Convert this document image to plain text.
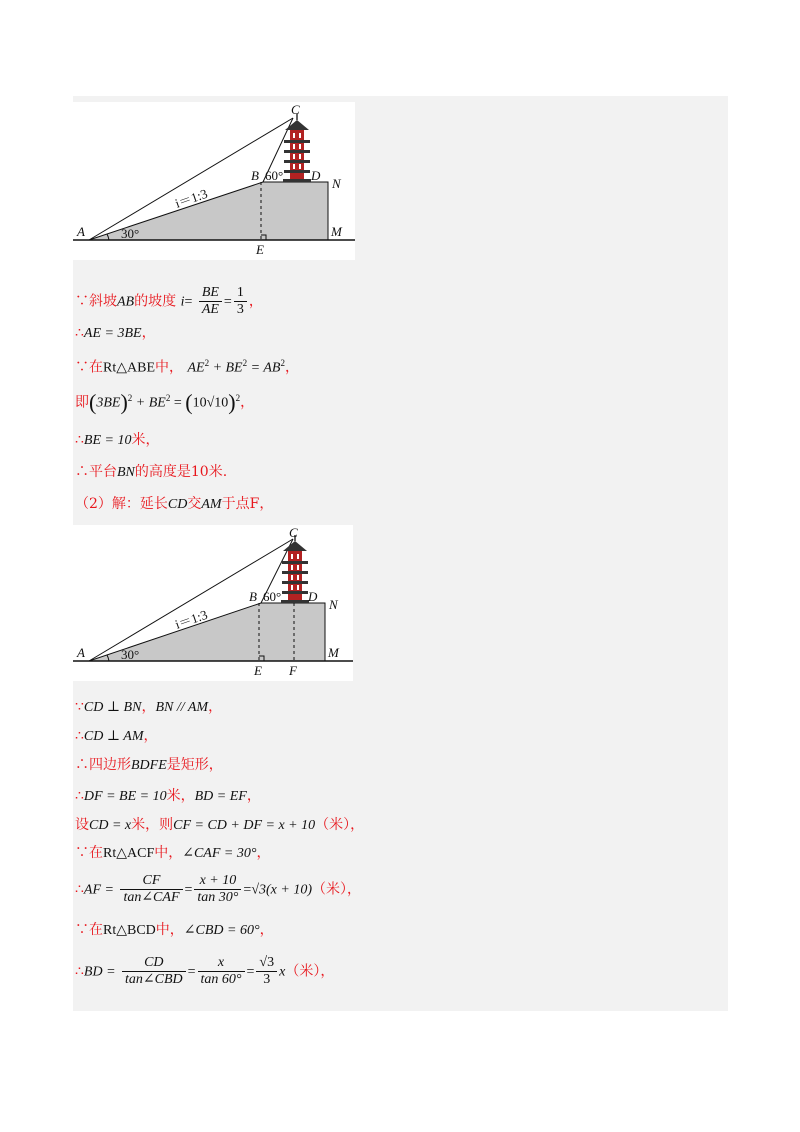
C
B 60° D
N
M
A
E
30°
i＝1:3
∵斜坡AB的坡度 $i= \frac{BE}{AE} = \frac{1}{3}$ ，
∴AE = 3BE，
∵在Rt△ABE中， $AE^2 + BE^2 = AB^2$，
即$(3BE)^2 + BE^2 = (10√10)^2$，
∴BE = 10米，
∴平台BN的高度是10米.
（2）解：延长CD交AM于点F，
C
B 60° D
N
M
A
E F
30°
i＝1:3
∵CD ⊥ BN，BN // AM，
∴CD ⊥ AM，
∴四边形BDFE是矩形，
∴DF = BE = 10米，BD = EF，
设CD = x米，则CF = CD + DF = x + 10（米），
∵在Rt△ACF中，∠CAF = 30°，
∴AF = $\frac{CF}{\text{tan∠CAF}} = \frac{x + 10}{\tan 30^\circ} =√3(x + 10)$（米），
∵在Rt△BCD中，∠CBD = 60°，
∴BD = $\frac{CD}{\text{tan∠CBD}} = \frac{x}{\tan 60^\circ} = \frac{√3}{3} x$（米），
